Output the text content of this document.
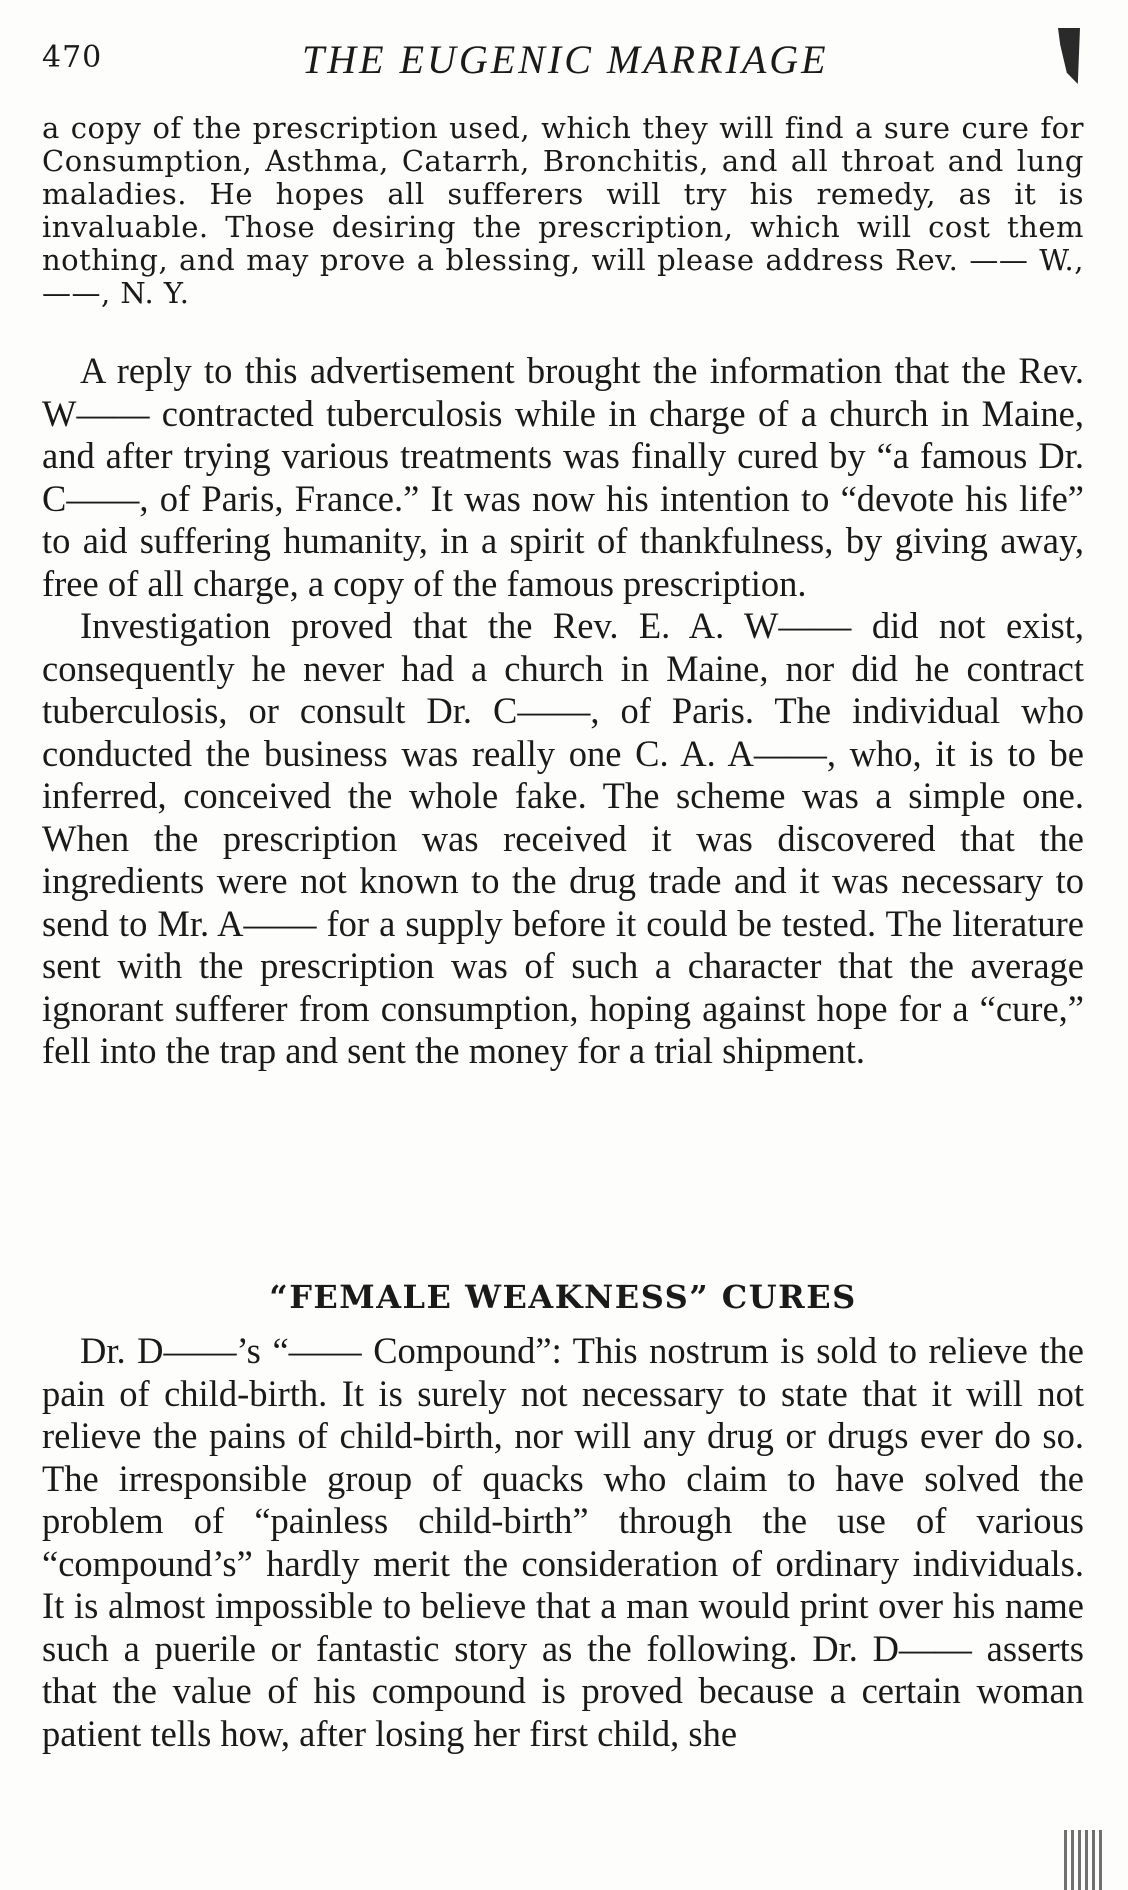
470	THE EUGENIC MARRIAGE

a copy of the prescription used, which they will find a sure cure for Consumption, Asthma, Catarrh, Bronchitis, and all throat and lung maladies. He hopes all sufferers will try his remedy, as it is invaluable. Those desiring the prescription, which will cost them nothing, and may prove a blessing, will please address Rev. —— W., ——, N. Y.

A reply to this advertisement brought the information that the Rev. W—— contracted tuberculosis while in charge of a church in Maine, and after trying various treatments was finally cured by “a famous Dr. C——, of Paris, France.” It was now his intention to “devote his life” to aid suffering humanity, in a spirit of thankfulness, by giving away, free of all charge, a copy of the famous prescription.

Investigation proved that the Rev. E. A. W—— did not exist, consequently he never had a church in Maine, nor did he contract tuberculosis, or consult Dr. C——, of Paris. The individual who conducted the business was really one C. A. A——, who, it is to be inferred, conceived the whole fake. The scheme was a simple one. When the prescription was received it was discovered that the ingredients were not known to the drug trade and it was necessary to send to Mr. A—— for a supply before it could be tested. The literature sent with the prescription was of such a character that the average ignorant sufferer from consumption, hoping against hope for a “cure,” fell into the trap and sent the money for a trial shipment.

“FEMALE WEAKNESS” CURES

Dr. D——’s “—— Compound”: This nostrum is sold to relieve the pain of child-birth. It is surely not necessary to state that it will not relieve the pains of child-birth, nor will any drug or drugs ever do so. The irresponsible group of quacks who claim to have solved the problem of “painless child-birth” through the use of various “compound’s” hardly merit the consideration of ordinary individuals. It is almost impossible to believe that a man would print over his name such a puerile or fantastic story as the following. Dr. D—— asserts that the value of his compound is proved because a certain woman patient tells how, after losing her first child, she
